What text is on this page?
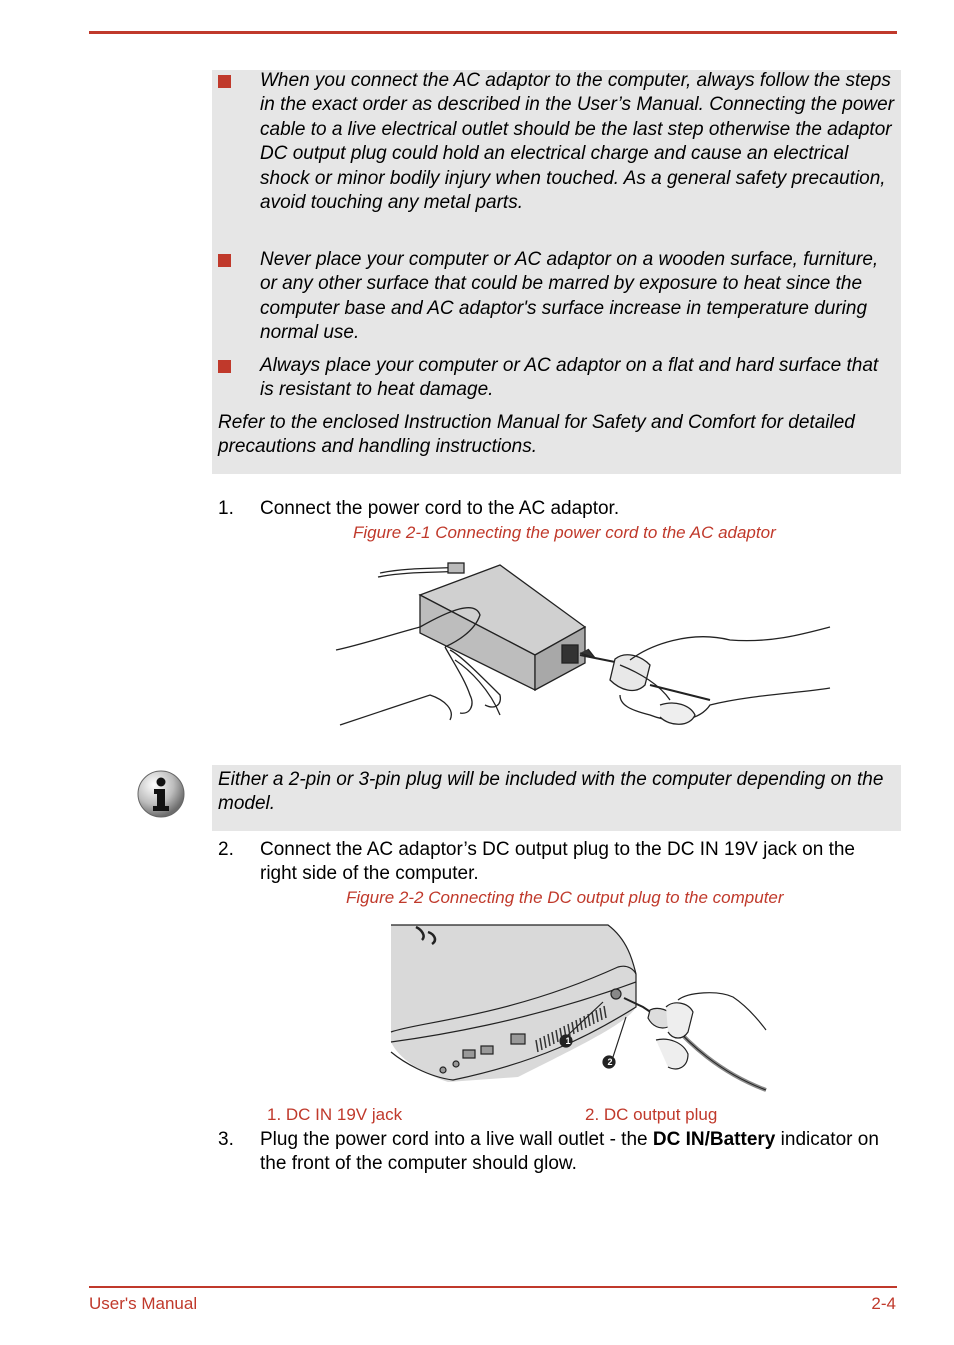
When you connect the AC adaptor to the computer, always follow the steps in the exact order as described in the User’s Manual. Connecting the power cable to a live electrical outlet should be the last step otherwise the adaptor DC output plug could hold an electrical charge and cause an electrical shock or minor bodily injury when touched. As a general safety precaution, avoid touching any metal parts.
Never place your computer or AC adaptor on a wooden surface, furniture, or any other surface that could be marred by exposure to heat since the computer base and AC adaptor's surface increase in temperature during normal use.
Always place your computer or AC adaptor on a flat and hard surface that is resistant to heat damage.
Refer to the enclosed Instruction Manual for Safety and Comfort for detailed precautions and handling instructions.
1. Connect the power cord to the AC adaptor.
Figure 2-1 Connecting the power cord to the AC adaptor
Either a 2-pin or 3-pin plug will be included with the computer depending on the model.
2. Connect the AC adaptor’s DC output plug to the DC IN 19V jack on the right side of the computer.
Figure 2-2 Connecting the DC output plug to the computer
1
2
1. DC IN 19V jack	2. DC output plug
3. Plug the power cord into a live wall outlet - the DC IN/Battery indicator on the front of the computer should glow.
User's Manual	2-4
